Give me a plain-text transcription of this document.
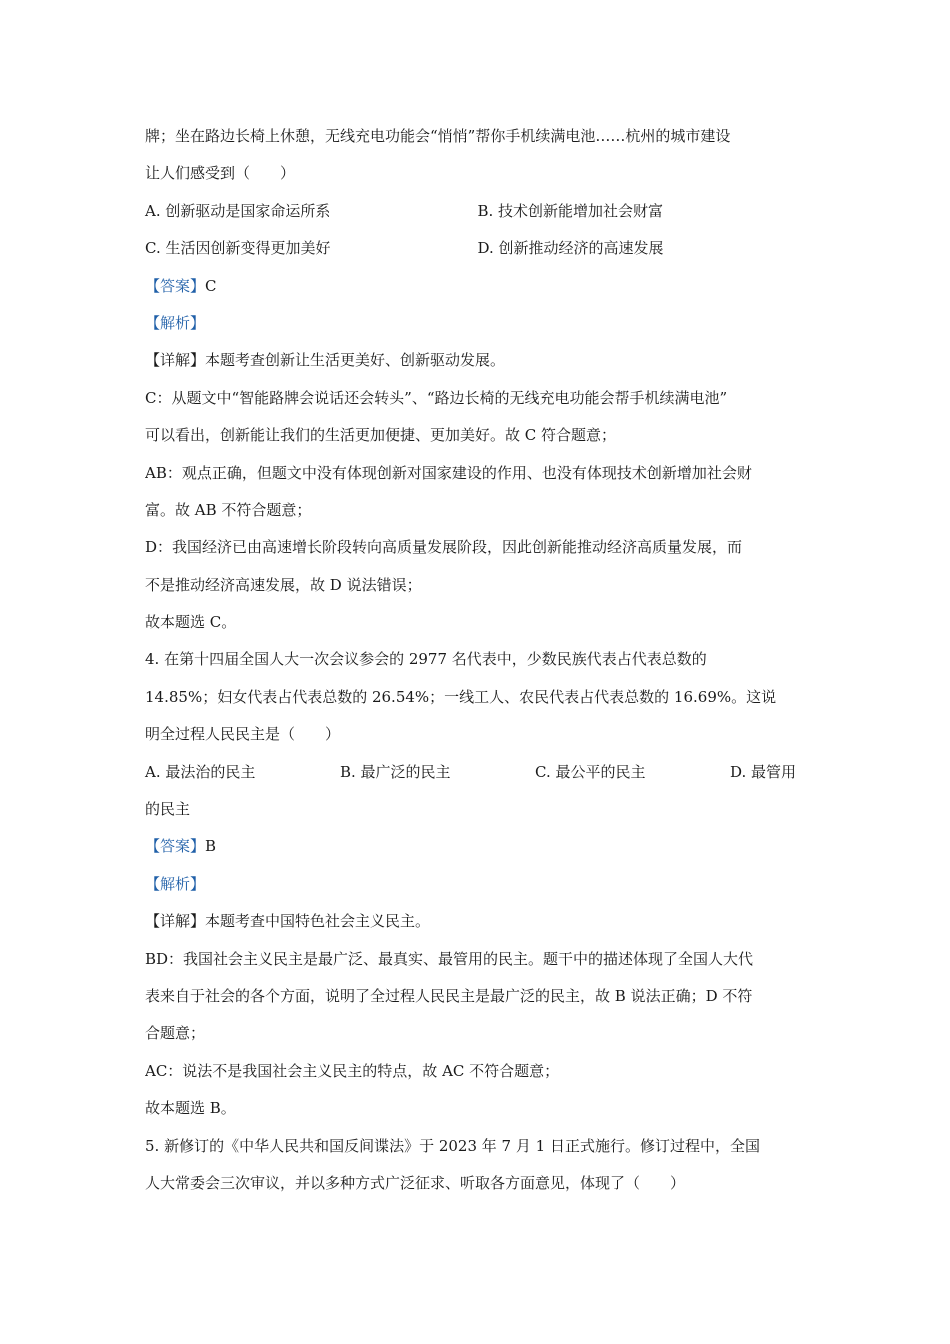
牌；坐在路边长椅上休憩，无线充电功能会“悄悄”帮你手机续满电池……杭州的城市建设
让人们感受到（　　）
A. 创新驱动是国家命运所系	B. 技术创新能增加社会财富
C. 生活因创新变得更加美好	D. 创新推动经济的高速发展
【答案】C
【解析】
【详解】本题考查创新让生活更美好、创新驱动发展。
C：从题文中“智能路牌会说话还会转头”、“路边长椅的无线充电功能会帮手机续满电池”
可以看出，创新能让我们的生活更加便捷、更加美好。故 C 符合题意；
AB：观点正确，但题文中没有体现创新对国家建设的作用、也没有体现技术创新增加社会财
富。故 AB 不符合题意；
D：我国经济已由高速增长阶段转向高质量发展阶段，因此创新能推动经济高质量发展，而
不是推动经济高速发展，故 D 说法错误；
故本题选 C。
4. 在第十四届全国人大一次会议参会的 2977 名代表中，少数民族代表占代表总数的
14.85%；妇女代表占代表总数的 26.54%；一线工人、农民代表占代表总数的 16.69%。这说
明全过程人民民主是（　　）
A. 最法治的民主	B. 最广泛的民主	C. 最公平的民主	D. 最管用
的民主
【答案】B
【解析】
【详解】本题考查中国特色社会主义民主。
BD：我国社会主义民主是最广泛、最真实、最管用的民主。题干中的描述体现了全国人大代
表来自于社会的各个方面，说明了全过程人民民主是最广泛的民主，故 B 说法正确；D 不符
合题意；
AC：说法不是我国社会主义民主的特点，故 AC 不符合题意；
故本题选 B。
5. 新修订的《中华人民共和国反间谍法》于 2023 年 7 月 1 日正式施行。修订过程中，全国
人大常委会三次审议，并以多种方式广泛征求、听取各方面意见，体现了（　　）
